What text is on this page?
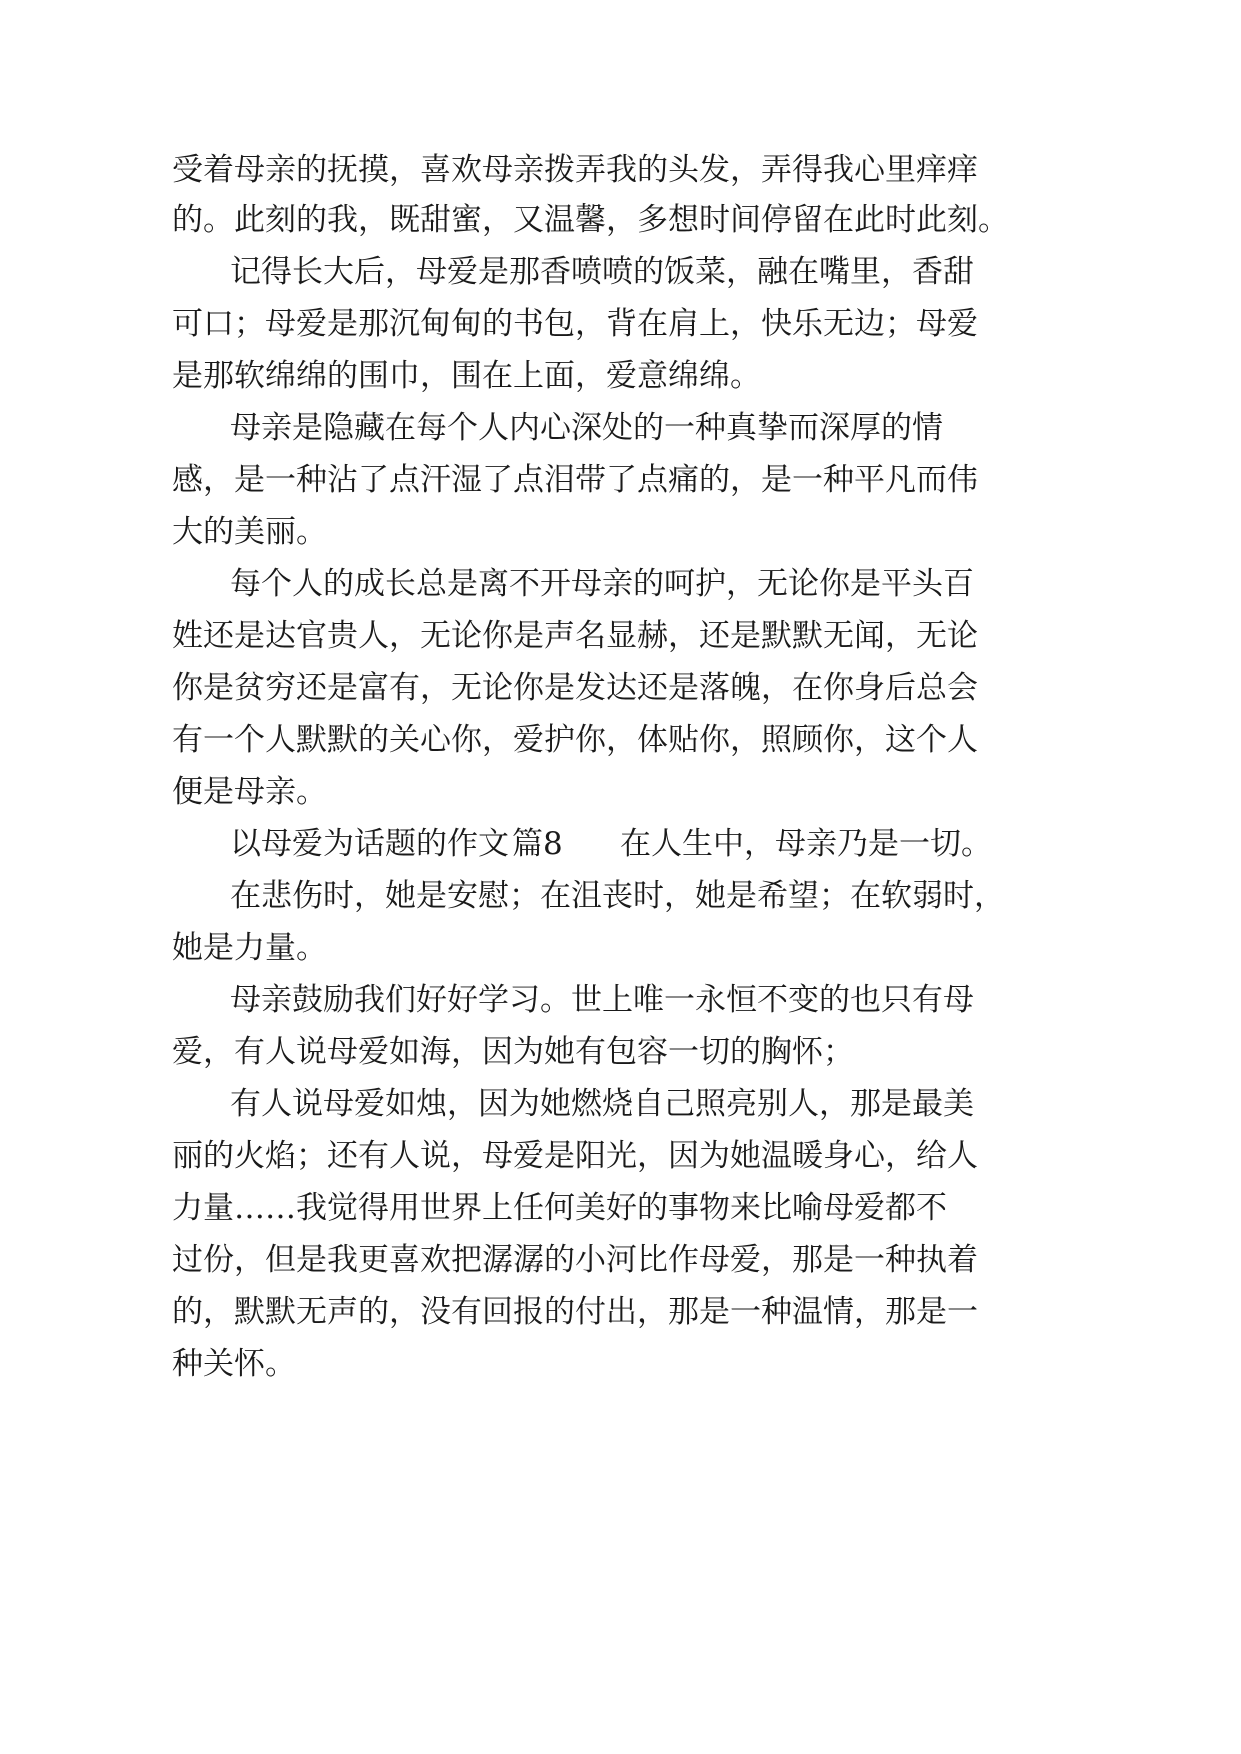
受着母亲的抚摸，喜欢母亲拨弄我的头发，弄得我心里痒痒
的。此刻的我，既甜蜜，又温馨，多想时间停留在此时此刻。
记得长大后，母爱是那香喷喷的饭菜，融在嘴里，香甜
可口；母爱是那沉甸甸的书包，背在肩上，快乐无边；母爱
是那软绵绵的围巾，围在上面，爱意绵绵。
母亲是隐藏在每个人内心深处的一种真挚而深厚的情
感，是一种沾了点汗湿了点泪带了点痛的，是一种平凡而伟
大的美丽。
每个人的成长总是离不开母亲的呵护，无论你是平头百
姓还是达官贵人，无论你是声名显赫，还是默默无闻，无论
你是贫穷还是富有，无论你是发达还是落魄，在你身后总会
有一个人默默的关心你，爱护你，体贴你，照顾你，这个人
便是母亲。
以母爱为话题的作文 篇8 在人生中，母亲乃是一切。
在悲伤时，她是安慰；在沮丧时，她是希望；在软弱时，
她是力量。
母亲鼓励我们好好学习。世上唯一永恒不变的也只有母
爱，有人说母爱如海，因为她有包容一切的胸怀；
有人说母爱如烛，因为她燃烧自己照亮别人，那是最美
丽的火焰；还有人说，母爱是阳光，因为她温暖身心，给人
力量……我觉得用世界上任何美好的事物来比喻母爱都不
过份，但是我更喜欢把潺潺的小河比作母爱，那是一种执着
的，默默无声的，没有回报的付出，那是一种温情，那是一
种关怀。
